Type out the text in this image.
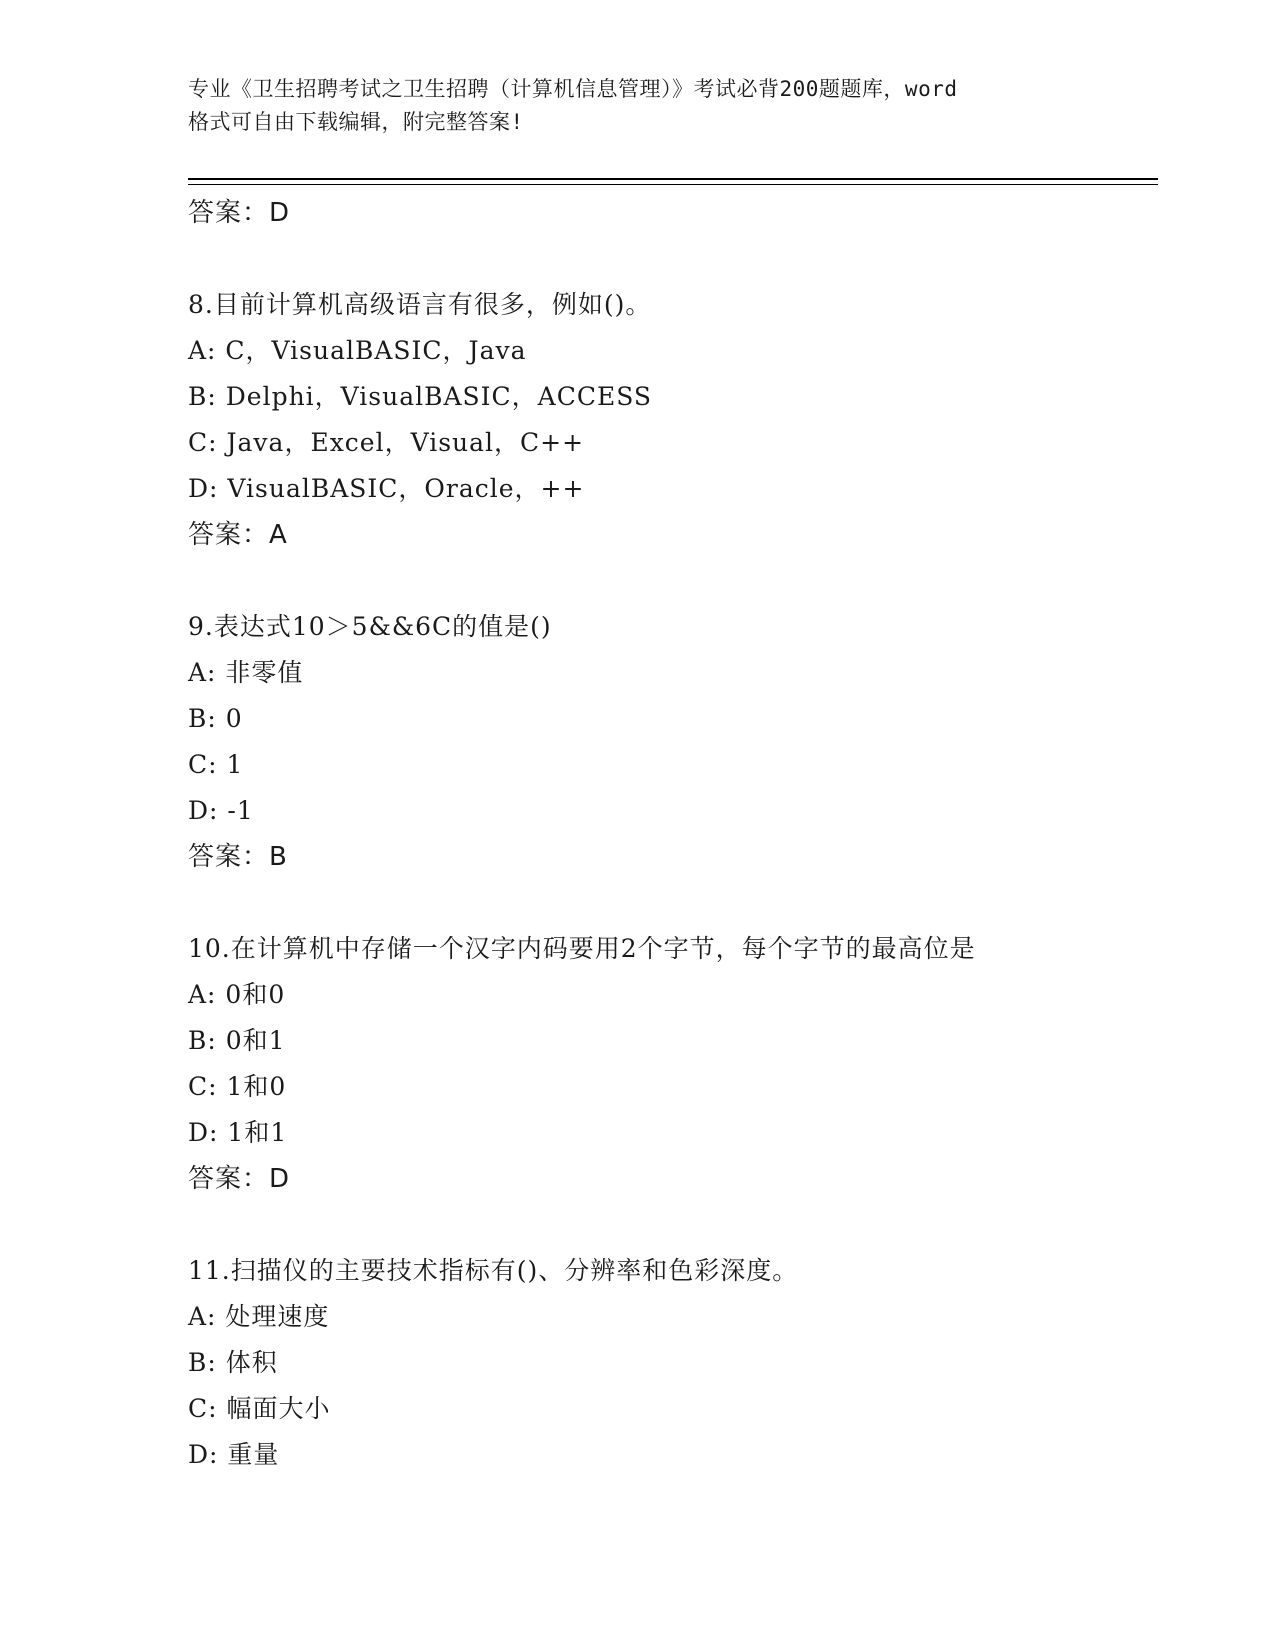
专业《卫生招聘考试之卫生招聘（计算机信息管理）》考试必背200题题库，word
格式可自由下载编辑，附完整答案!
答案：D
8.目前计算机高级语言有很多，例如()。
A: C，VisualBASIC，Java
B: Delphi，VisualBASIC，ACCESS
C: Java，Excel，Visual，C++
D: VisualBASIC，Oracle，++
答案：A
9.表达式10＞5&&6C的值是()
A: 非零值
B: 0
C: 1
D: -1
答案：B
10.在计算机中存储一个汉字内码要用2个字节，每个字节的最高位是
A: 0和0
B: 0和1
C: 1和0
D: 1和1
答案：D
11.扫描仪的主要技术指标有()、分辨率和色彩深度。
A: 处理速度
B: 体积
C: 幅面大小
D: 重量
